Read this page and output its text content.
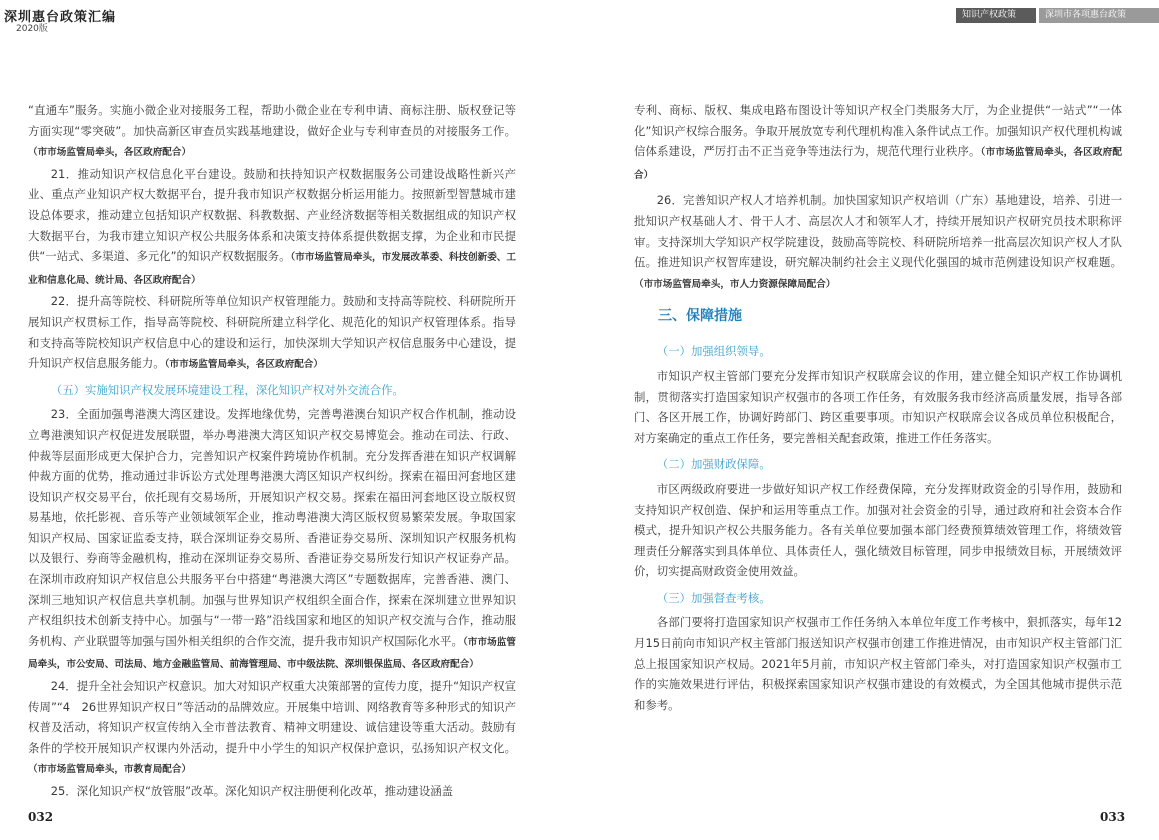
深圳惠台政策汇编
2020版
知识产权政策	深圳市各项惠台政策

“直通车”服务。实施小微企业对接服务工程，帮助小微企业在专利申请、商标注册、版权登记等方面实现“零突破”。加快高新区审查员实践基地建设，做好企业与专利审查员的对接服务工作。（市市场监管局牵头，各区政府配合）

21．推动知识产权信息化平台建设。鼓励和扶持知识产权数据服务公司建设战略性新兴产业、重点产业知识产权大数据平台，提升我市知识产权数据分析运用能力。按照新型智慧城市建设总体要求，推动建立包括知识产权数据、科教数据、产业经济数据等相关数据组成的知识产权大数据平台，为我市建立知识产权公共服务体系和决策支持体系提供数据支撑，为企业和市民提供“一站式、多渠道、多元化”的知识产权数据服务。（市市场监管局牵头，市发展改革委、科技创新委、工业和信息化局、统计局、各区政府配合）

22．提升高等院校、科研院所等单位知识产权管理能力。鼓励和支持高等院校、科研院所开展知识产权贯标工作，指导高等院校、科研院所建立科学化、规范化的知识产权管理体系。指导和支持高等院校知识产权信息中心的建设和运行，加快深圳大学知识产权信息服务中心建设，提升知识产权信息服务能力。（市市场监管局牵头，各区政府配合）

（五）实施知识产权发展环境建设工程，深化知识产权对外交流合作。

23．全面加强粤港澳大湾区建设。发挥地缘优势，完善粤港澳台知识产权合作机制，推动设立粤港澳知识产权促进发展联盟，举办粤港澳大湾区知识产权交易博览会。推动在司法、行政、仲裁等层面形成更大保护合力，完善知识产权案件跨境协作机制。充分发挥香港在知识产权调解仲裁方面的优势，推动通过非诉讼方式处理粤港澳大湾区知识产权纠纷。探索在福田河套地区建设知识产权交易平台，依托现有交易场所，开展知识产权交易。探索在福田河套地区设立版权贸易基地，依托影视、音乐等产业领域领军企业，推动粤港澳大湾区版权贸易繁荣发展。争取国家知识产权局、国家证监委支持，联合深圳证券交易所、香港证券交易所、深圳知识产权服务机构以及银行、券商等金融机构，推动在深圳证券交易所、香港证券交易所发行知识产权证券产品。在深圳市政府知识产权信息公共服务平台中搭建“粤港澳大湾区”专题数据库，完善香港、澳门、深圳三地知识产权信息共享机制。加强与世界知识产权组织全面合作，探索在深圳建立世界知识产权组织技术创新支持中心。加强与“一带一路”沿线国家和地区的知识产权交流与合作，推动服务机构、产业联盟等加强与国外相关组织的合作交流，提升我市知识产权国际化水平。（市市场监管局牵头，市公安局、司法局、地方金融监管局、前海管理局、市中级法院、深圳银保监局、各区政府配合）

24．提升全社会知识产权意识。加大对知识产权重大决策部署的宣传力度，提升“知识产权宣传周”“4　26世界知识产权日”等活动的品牌效应。开展集中培训、网络教育等多种形式的知识产权普及活动，将知识产权宣传纳入全市普法教育、精神文明建设、诚信建设等重大活动。鼓励有条件的学校开展知识产权课内外活动，提升中小学生的知识产权保护意识，弘扬知识产权文化。（市市场监管局牵头，市教育局配合）

25．深化知识产权“放管服”改革。深化知识产权注册便利化改革，推动建设涵盖

专利、商标、版权、集成电路布图设计等知识产权全门类服务大厅，为企业提供“一站式”“一体化”知识产权综合服务。争取开展放宽专利代理机构准入条件试点工作。加强知识产权代理机构诚信体系建设，严厉打击不正当竞争等违法行为，规范代理行业秩序。（市市场监管局牵头，各区政府配合）

26．完善知识产权人才培养机制。加快国家知识产权培训（广东）基地建设，培养、引进一批知识产权基础人才、骨干人才、高层次人才和领军人才，持续开展知识产权研究员技术职称评审。支持深圳大学知识产权学院建设，鼓励高等院校、科研院所培养一批高层次知识产权人才队伍。推进知识产权智库建设，研究解决制约社会主义现代化强国的城市范例建设知识产权难题。（市市场监管局牵头，市人力资源保障局配合）

三、保障措施

（一）加强组织领导。

市知识产权主管部门要充分发挥市知识产权联席会议的作用，建立健全知识产权工作协调机制，贯彻落实打造国家知识产权强市的各项工作任务，有效服务我市经济高质量发展，指导各部门、各区开展工作，协调好跨部门、跨区重要事项。市知识产权联席会议各成员单位积极配合，对方案确定的重点工作任务，要完善相关配套政策，推进工作任务落实。

（二）加强财政保障。

市区两级政府要进一步做好知识产权工作经费保障，充分发挥财政资金的引导作用，鼓励和支持知识产权创造、保护和运用等重点工作。加强对社会资金的引导，通过政府和社会资本合作模式，提升知识产权公共服务能力。各有关单位要加强本部门经费预算绩效管理工作，将绩效管理责任分解落实到具体单位、具体责任人，强化绩效目标管理，同步申报绩效目标，开展绩效评价，切实提高财政资金使用效益。

（三）加强督查考核。

各部门要将打造国家知识产权强市工作任务纳入本单位年度工作考核中，狠抓落实，每年12月15日前向市知识产权主管部门报送知识产权强市创建工作推进情况，由市知识产权主管部门汇总上报国家知识产权局。2021年5月前，市知识产权主管部门牵头，对打造国家知识产权强市工作的实施效果进行评估，积极探索国家知识产权强市建设的有效模式，为全国其他城市提供示范和参考。

032	033
